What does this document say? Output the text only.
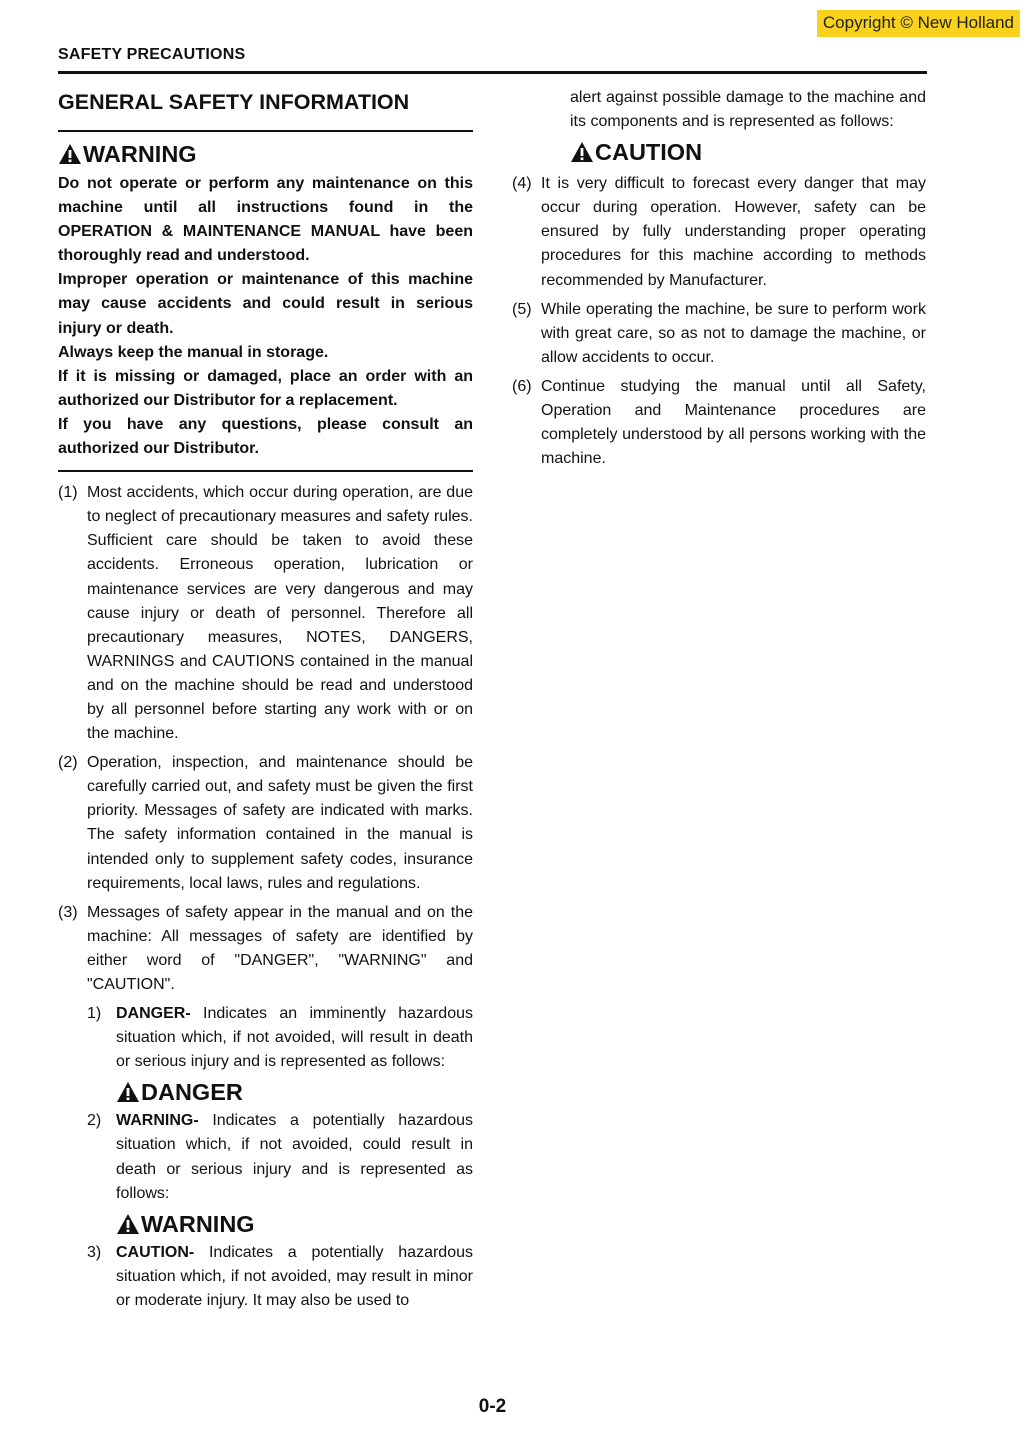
Copyright © New Holland
SAFETY PRECAUTIONS
GENERAL SAFETY INFORMATION
WARNING

Do not operate or perform any maintenance on this machine until all instructions found in the OPERATION & MAINTENANCE MANUAL have been thoroughly read and understood.

Improper operation or maintenance of this machine may cause accidents and could result in serious injury or death.

Always keep the manual in storage.

If it is missing or damaged, place an order with an authorized our Distributor for a replacement.

If you have any questions, please consult an authorized our Distributor.

(1) Most accidents, which occur during operation, are due to neglect of precautionary measures and safety rules. Sufficient care should be taken to avoid these accidents. Erroneous operation, lubrication or maintenance services are very dangerous and may cause injury or death of personnel. Therefore all precautionary measures, NOTES, DANGERS, WARNINGS and CAUTIONS contained in the manual and on the machine should be read and understood by all personnel before starting any work with or on the machine.
(2) Operation, inspection, and maintenance should be carefully carried out, and safety must be given the first priority. Messages of safety are indicated with marks. The safety information contained in the manual is intended only to supplement safety codes, insurance requirements, local laws, rules and regulations.
(3) Messages of safety appear in the manual and on the machine: All messages of safety are identified by either word of "DANGER", "WARNING" and "CAUTION".
1) DANGER- Indicates an imminently hazardous situation which, if not avoided, will result in death or serious injury and is represented as follows:
DANGER
2) WARNING- Indicates a potentially hazardous situation which, if not avoided, could result in death or serious injury and is represented as follows:
WARNING
3) CAUTION- Indicates a potentially hazardous situation which, if not avoided, may result in minor or moderate injury. It may also be used to
alert against possible damage to the machine and its components and is represented as follows:
CAUTION
(4) It is very difficult to forecast every danger that may occur during operation. However, safety can be ensured by fully understanding proper operating procedures for this machine according to methods recommended by Manufacturer.
(5) While operating the machine, be sure to perform work with great care, so as not to damage the machine, or allow accidents to occur.
(6) Continue studying the manual until all Safety, Operation and Maintenance procedures are completely understood by all persons working with the machine.
0-2
